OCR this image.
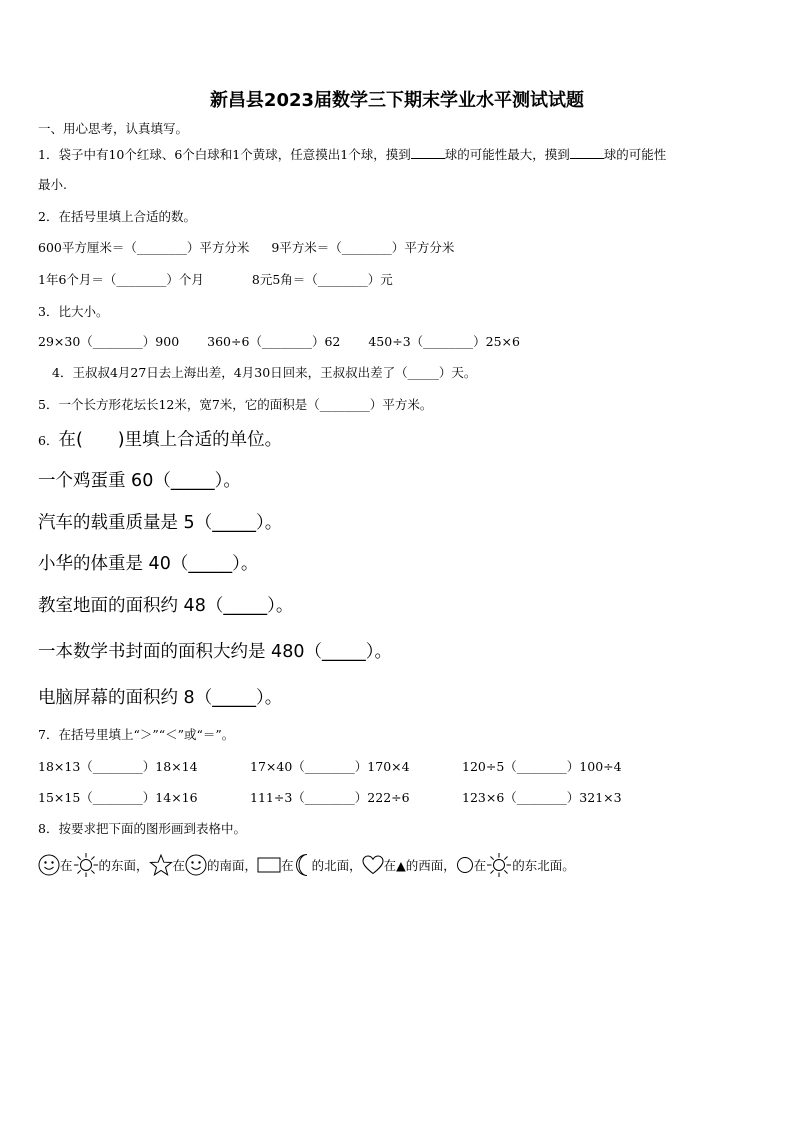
新昌县2023届数学三下期末学业水平测试试题
一、用心思考，认真填写。
1．袋子中有10个红球、6个白球和1个黄球，任意摸出1个球，摸到	球的可能性最大，摸到	球的可能性
最小.
2．在括号里填上合适的数。
600平方厘米＝（________）平方分米 9平方米＝（________）平方分米
1年6个月＝（________）个月	8元5角＝（________）元
3．比大小。
29×30（________）900 360÷6（________）62 450÷3（________）25×6
4．王叔叔4月27日去上海出差，4月30日回来，王叔叔出差了（_____）天。
5．一个长方形花坛长12米，宽7米，它的面积是（________）平方米。
6．在(　　)里填上合适的单位。
一个鸡蛋重 60（_____）。
汽车的载重质量是 5（_____）。
小华的体重是 40（_____）。
教室地面的面积约 48（_____）。
一本数学书封面的面积大约是 480（_____）。
电脑屏幕的面积约 8（_____）。
7．在括号里填上“＞”“＜”或“＝”。
18×13（________）18×14	17×40（________）170×4	120÷5（________）100÷4
15×15（________）14×16	111÷3（________）222÷6	123×6（________）321×3
8．按要求把下面的图形画到表格中。
在 的东面， 在 的南面， 在 的北面， 在▲的西面， 在 的东北面。
